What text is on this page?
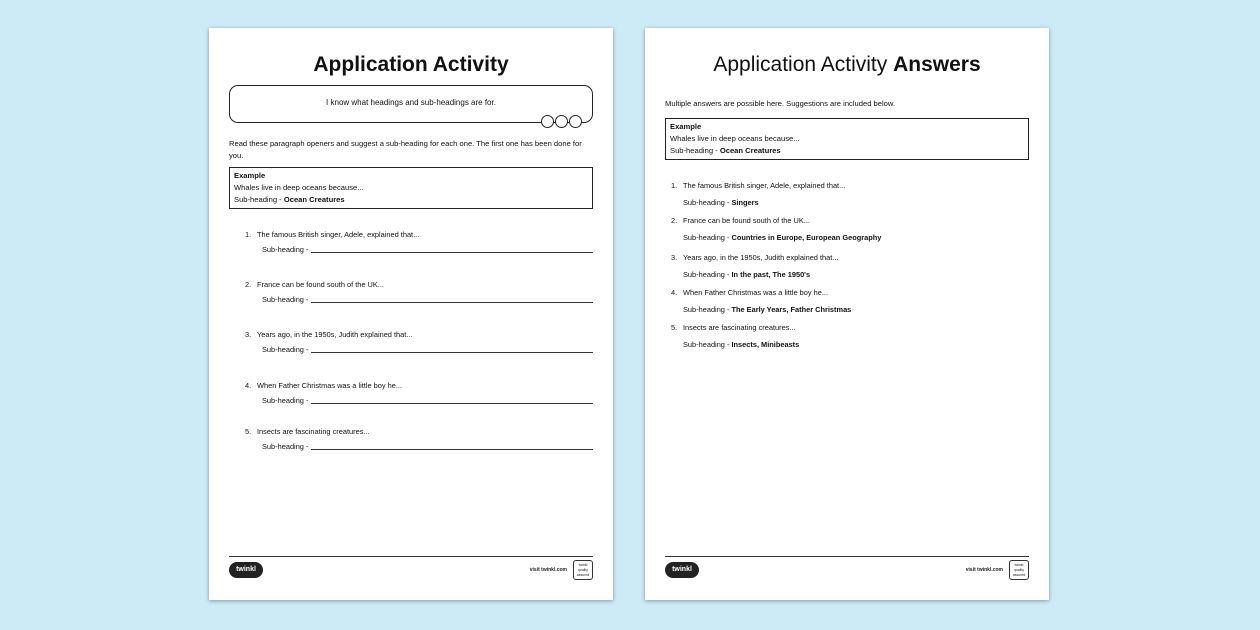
Application Activity
I know what headings and sub-headings are for.
Read these paragraph openers and suggest a sub-heading for each one. The first one has been done for you.
Example
Whales live in deep oceans because...
Sub-heading - Ocean Creatures
1. The famous British singer, Adele, explained that...
Sub-heading -
2. France can be found south of the UK...
Sub-heading -
3. Years ago, in the 1950s, Judith explained that...
Sub-heading -
4. When Father Christmas was a little boy he...
Sub-heading -
5. Insects are fascinating creatures...
Sub-heading -
twinkl	visit twinkl.com
twinkl quality assured
Application Activity Answers
Multiple answers are possible here. Suggestions are included below.
Example
Whales live in deep oceans because...
Sub-heading - Ocean Creatures
1. The famous British singer, Adele, explained that...
Sub-heading - Singers
2. France can be found south of the UK...
Sub-heading - Countries in Europe, European Geography
3. Years ago, in the 1950s, Judith explained that...
Sub-heading - In the past, The 1950's
4. When Father Christmas was a little boy he...
Sub-heading - The Early Years, Father Christmas
5. Insects are fascinating creatures...
Sub-heading - Insects, Minibeasts
twinkl	visit twinkl.com
twinkl quality assured
